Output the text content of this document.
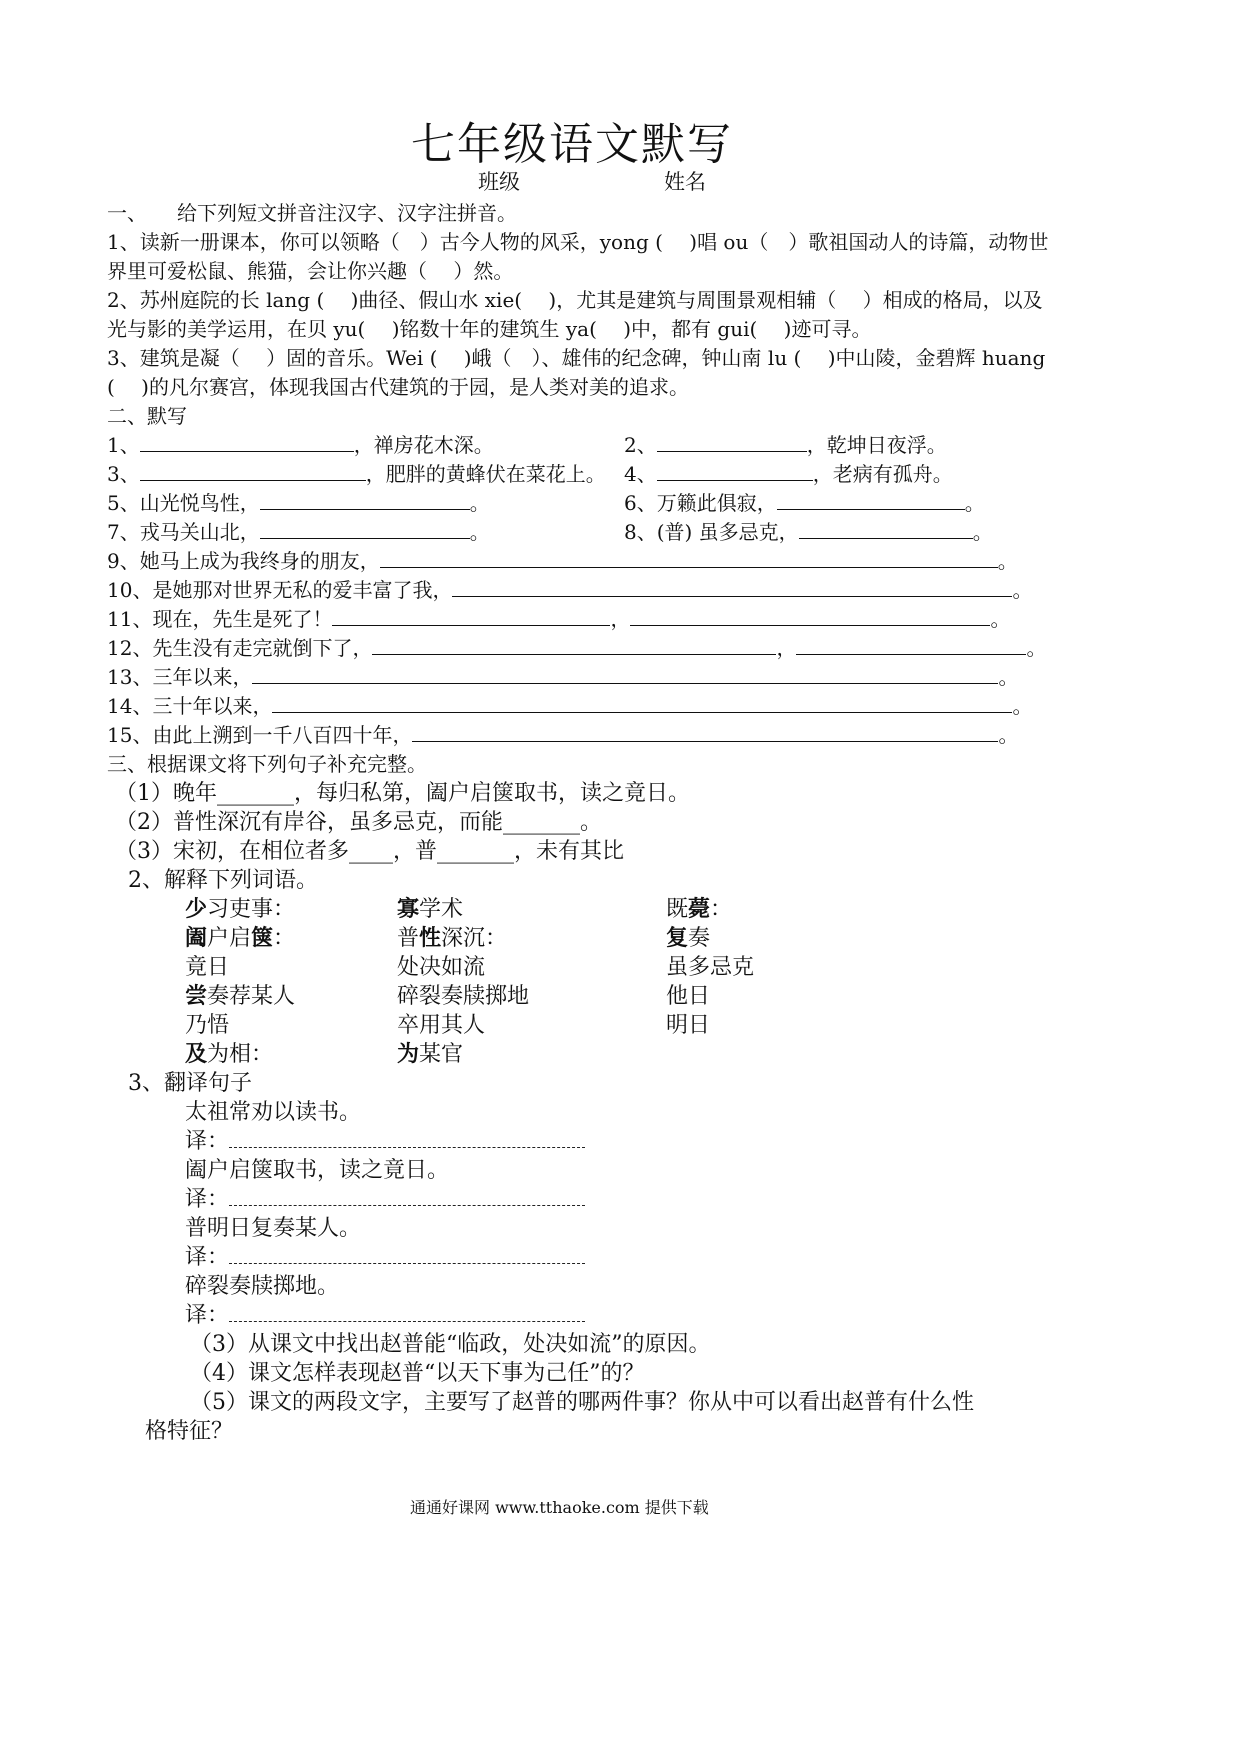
七年级语文默写
班级	姓名
一、　　给下列短文拼音注汉字、汉字注拼音。
1、读新一册课本，你可以领略（　）古今人物的风采，yong (　 )唱 ou（　）歌祖国动人的诗篇，动物世
界里可爱松鼠、熊猫，会让你兴趣（　 ）然。
2、苏州庭院的长 lang (　 )曲径、假山水 xie(　 )，尤其是建筑与周围景观相辅（　 ）相成的格局，以及
光与影的美学运用，在贝 yu(　 )铭数十年的建筑生 ya(　 )中，都有 gui(　 )迹可寻。
3、建筑是凝（　 ）固的音乐。Wei (　 )峨（　）、雄伟的纪念碑，钟山南 lu (　 )中山陵，金碧辉 huang
(　 )的凡尔赛宫，体现我国古代建筑的于园，是人类对美的追求。
二、默写
1、	，禅房花木深。	2、	，乾坤日夜浮。
3、	，肥胖的黄蜂伏在菜花上。 4、	，老病有孤舟。
5、山光悦鸟性，	。	6、万籁此俱寂，	。
7、戎马关山北，	。	8、(普) 虽多忌克，	。
9、她马上成为我终身的朋友，	。
10、是她那对世界无私的爱丰富了我，	。
11、现在，先生是死了！	，	。
12、先生没有走完就倒下了，	，	。
13、三年以来，	。
14、三十年以来，	。
15、由此上溯到一千八百四十年，	。
三、根据课文将下列句子补充完整。
（1）晚年_______，每归私第，阖户启箧取书，读之竟日。
（2）普性深沉有岸谷，虽多忌克，而能_______。
（3）宋初，在相位者多____，普_______，未有其比
2、解释下列词语。
少习吏事：	寡学术	既薨：
阖户启箧：	普性深沉：	复奏
竟日	处决如流	虽多忌克
尝奏荐某人	碎裂奏牍掷地	他日
乃悟	卒用其人	明日
及为相：	为某官
3、翻译句子
太祖常劝以读书。
译：
阖户启箧取书，读之竟日。
译：
普明日复奏某人。
译：
碎裂奏牍掷地。
译：
（3）从课文中找出赵普能“临政，处决如流”的原因。
（4）课文怎样表现赵普“以天下事为己任”的？
（5）课文的两段文字，主要写了赵普的哪两件事？你从中可以看出赵普有什么性
格特征？
通通好课网 www.tthaoke.com 提供下载
